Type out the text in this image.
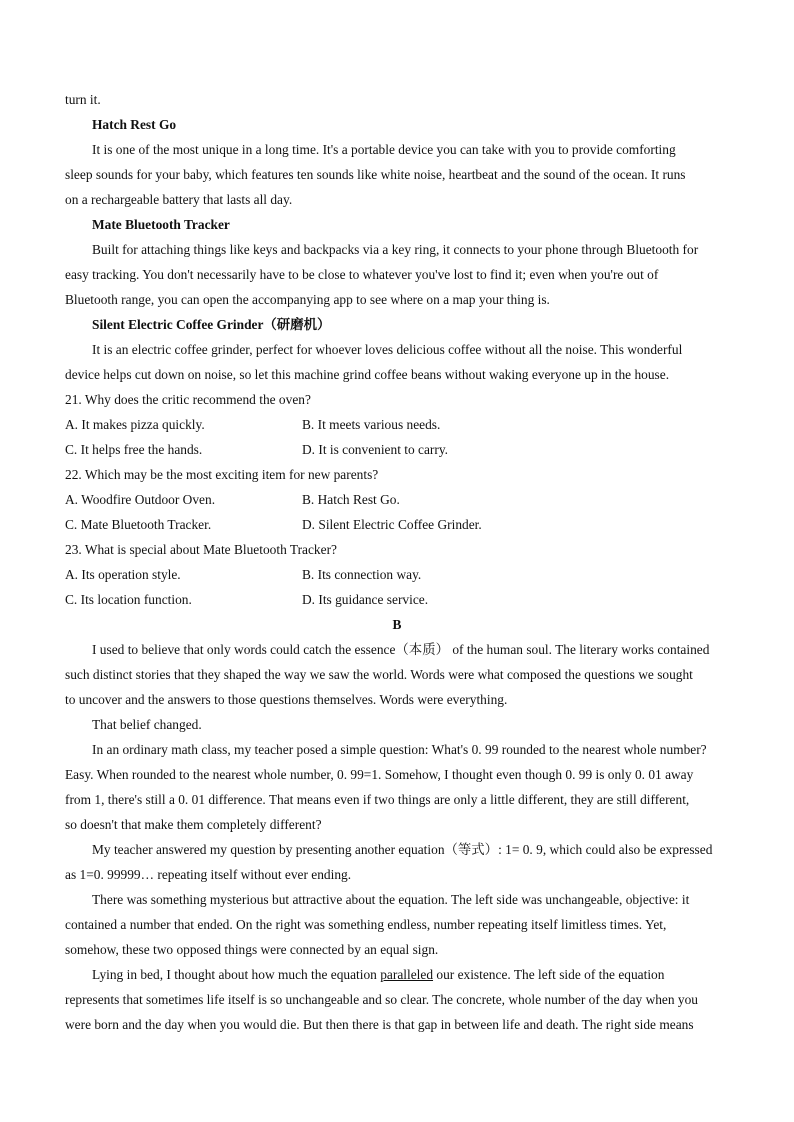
turn it.
Hatch Rest Go
It is one of the most unique in a long time. It's a portable device you can take with you to provide comforting
sleep sounds for your baby, which features ten sounds like white noise, heartbeat and the sound of the ocean. It runs
on a rechargeable battery that lasts all day.
Mate Bluetooth Tracker
Built for attaching things like keys and backpacks via a key ring, it connects to your phone through Bluetooth for
easy tracking. You don't necessarily have to be close to whatever you've lost to find it; even when you're out of
Bluetooth range, you can open the accompanying app to see where on a map your thing is.
Silent Electric Coffee Grinder（研磨机）
It is an electric coffee grinder, perfect for whoever loves delicious coffee without all the noise. This wonderful
device helps cut down on noise, so let this machine grind coffee beans without waking everyone up in the house.
21. Why does the critic recommend the oven?
A. It makes pizza quickly.	B. It meets various needs.
C. It helps free the hands.	D. It is convenient to carry.
22. Which may be the most exciting item for new parents?
A. Woodfire Outdoor Oven.	B. Hatch Rest Go.
C. Mate Bluetooth Tracker.	D. Silent Electric Coffee Grinder.
23. What is special about Mate Bluetooth Tracker?
A. Its operation style.	B. Its connection way.
C. Its location function.	D. Its guidance service.
B
I used to believe that only words could catch the essence（本质） of the human soul. The literary works contained
such distinct stories that they shaped the way we saw the world. Words were what composed the questions we sought
to uncover and the answers to those questions themselves. Words were everything.
That belief changed.
In an ordinary math class, my teacher posed a simple question: What's 0. 99 rounded to the nearest whole number?
Easy. When rounded to the nearest whole number, 0. 99=1. Somehow, I thought even though 0. 99 is only 0. 01 away
from 1, there's still a 0. 01 difference. That means even if two things are only a little different, they are still different,
so doesn't that make them completely different?
My teacher answered my question by presenting another equation（等式）: 1= 0. 9, which could also be expressed
as 1=0. 99999… repeating itself without ever ending.
There was something mysterious but attractive about the equation. The left side was unchangeable, objective: it
contained a number that ended. On the right was something endless, number repeating itself limitless times. Yet,
somehow, these two opposed things were connected by an equal sign.
Lying in bed, I thought about how much the equation paralleled our existence. The left side of the equation
represents that sometimes life itself is so unchangeable and so clear. The concrete, whole number of the day when you
were born and the day when you would die. But then there is that gap in between life and death. The right side means
